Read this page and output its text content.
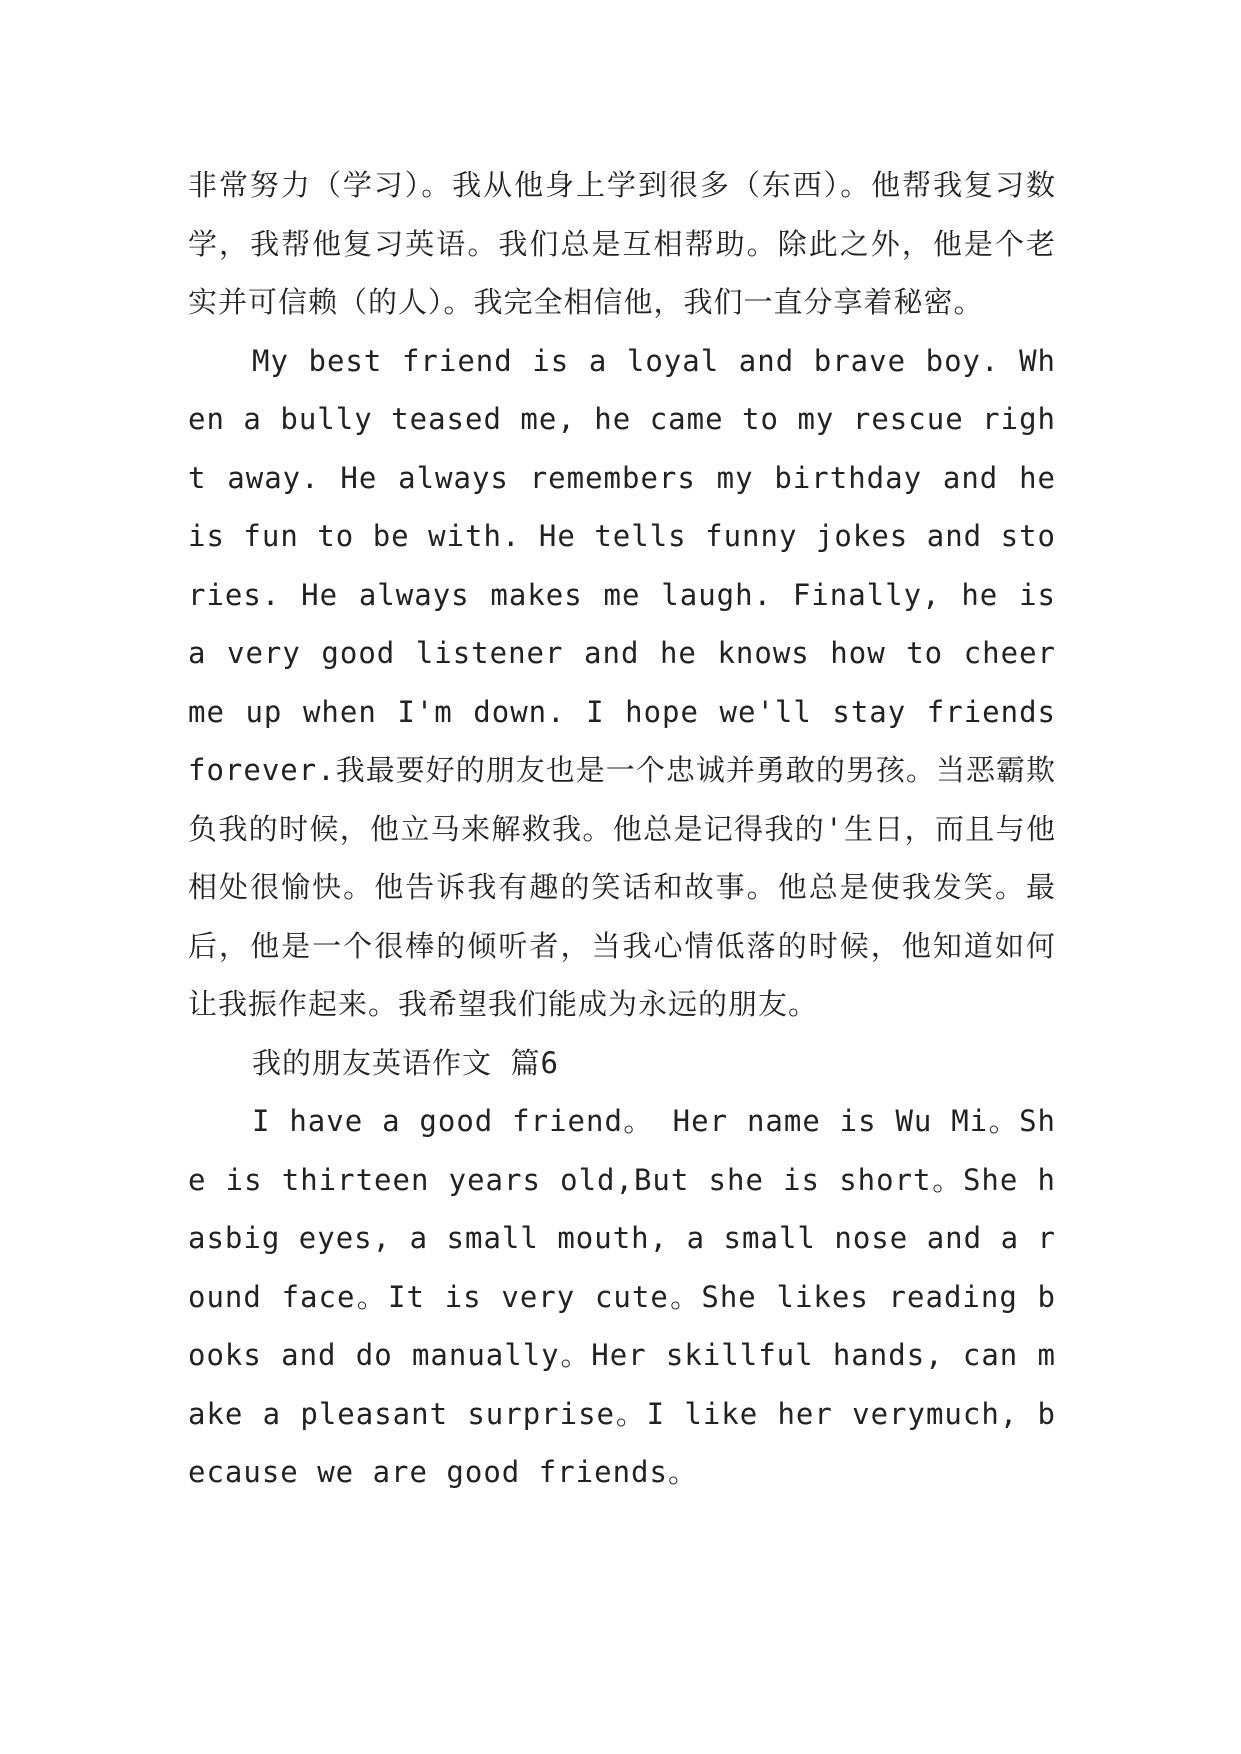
非常努力（学习）。我从他身上学到很多（东西）。他帮我复习数学，我帮他复习英语。我们总是互相帮助。除此之外，他是个老实并可信赖（的人）。我完全相信他，我们一直分享着秘密。

My best friend is a loyal and brave boy. When a bully teased me, he came to my rescue right away. He always remembers my birthday and he is fun to be with. He tells funny jokes and stories. He always makes me laugh. Finally, he is a very good listener and he knows how to cheer me up when I'm down. I hope we'll stay friends forever.我最要好的朋友也是一个忠诚并勇敢的男孩。当恶霸欺负我的时候，他立马来解救我。他总是记得我的'生日，而且与他相处很愉快。他告诉我有趣的笑话和故事。他总是使我发笑。最后，他是一个很棒的倾听者，当我心情低落的时候，他知道如何让我振作起来。我希望我们能成为永远的朋友。

我的朋友英语作文 篇6

I have a good friend。 Her name is Wu Mi。She is thirteen years old,But she is short。She hasbig eyes, a small mouth, a small nose and a round face。It is very cute。She likes reading books and do manually。Her skillful hands, can make a pleasant surprise。I like her verymuch, because we are good friends。
